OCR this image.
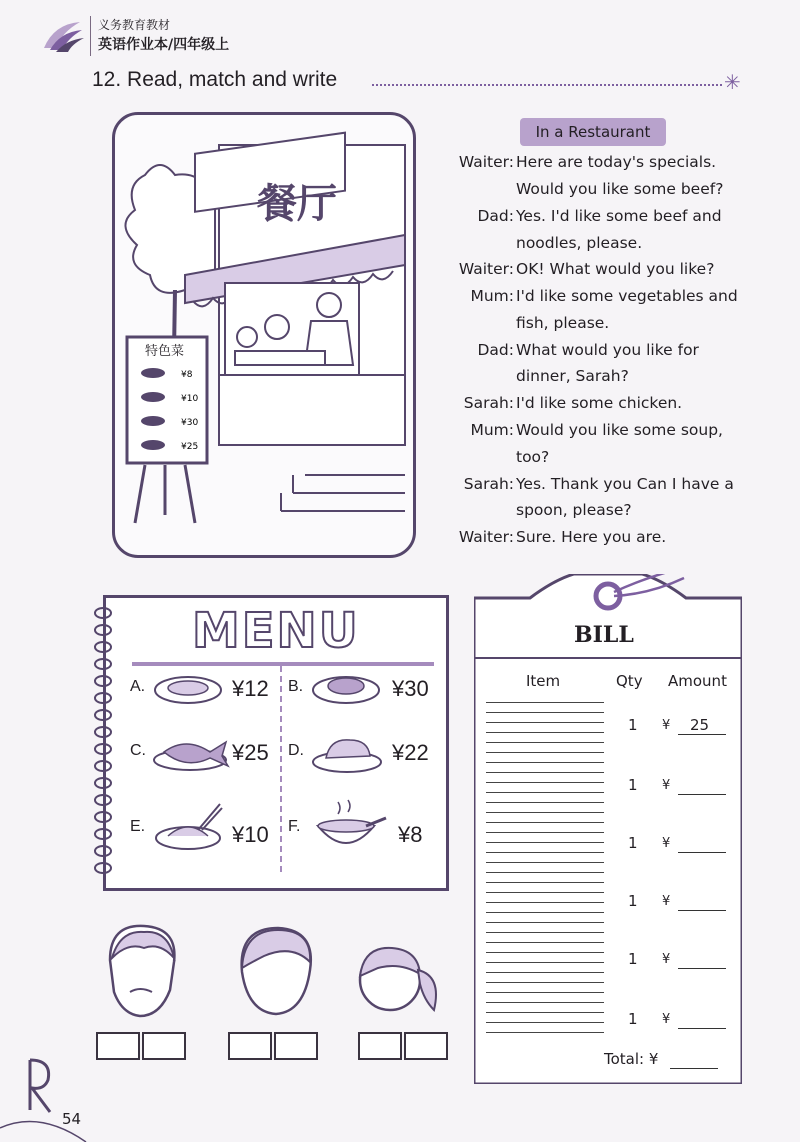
义务教育教材
英语作业本/四年级上
12. Read, match and write	✳
餐厅
特色菜
¥8
¥10
¥30
¥25
In a Restaurant
Waiter: Here are today's specials.
Would you like some beef?
Dad: Yes. I'd like some beef and
noodles, please.
Waiter: OK! What would you like?
Mum: I'd like some vegetables and
fish, please.
Dad: What would you like for
dinner, Sarah?
Sarah: I'd like some chicken.
Mum: Would you like some soup,
too?
Sarah: Yes. Thank you Can I have a
spoon, please?
Waiter: Sure. Here you are.
MENU
A.	¥12 B.	¥30
C.	¥25 D.	¥22
E.	¥10 F.	¥8
BILL
Item	Qty Amount
1 ¥ 25
1 ¥
1 ¥
1 ¥
1 ¥
1 ¥
Total: ¥
54
